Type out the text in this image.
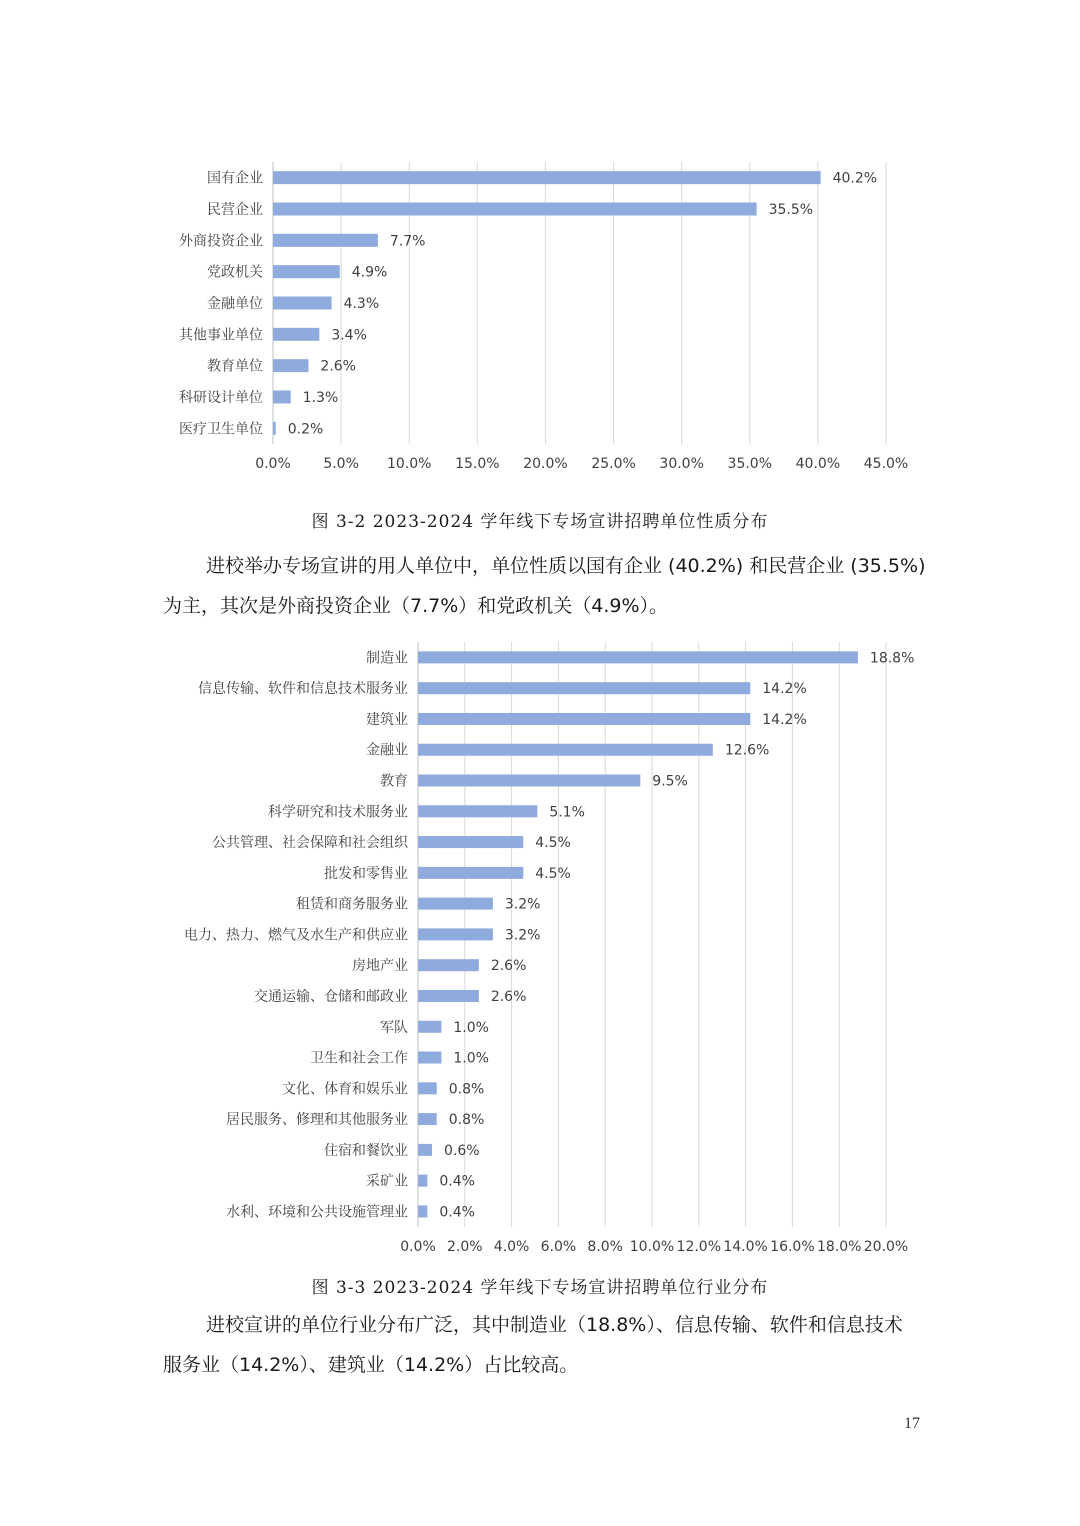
国有企业	40.2%
民营企业	35.5%
外商投资企业	7.7%
党政机关	4.9%
金融单位	4.3%
其他事业单位	3.4%
教育单位	2.6%
科研设计单位	1.3%
医疗卫生单位 0.2%
0.0% 5.0% 10.0% 15.0% 20.0% 25.0% 30.0% 35.0% 40.0% 45.0%
图 3-2 2023-2024 学年线下专场宣讲招聘单位性质分布
进校举办专场宣讲的用人单位中，单位性质以国有企业 (40.2%) 和民营企业 (35.5%)
为主，其次是外商投资企业（7.7%）和党政机关（4.9%）。
制造业	18.8%
信息传输、软件和信息技术服务业	14.2%
建筑业	14.2%
金融业	12.6%
教育	9.5%
科学研究和技术服务业	5.1%
公共管理、社会保障和社会组织	4.5%
批发和零售业	4.5%
租赁和商务服务业	3.2%
电力、热力、燃气及水生产和供应业	3.2%
房地产业	2.6%
交通运输、仓储和邮政业	2.6%
军队	1.0%
卫生和社会工作	1.0%
文化、体育和娱乐业	0.8%
居民服务、修理和其他服务业	0.8%
住宿和餐饮业	0.6%
采矿业 0.4%
水利、环境和公共设施管理业 0.4%
0.0% 2.0% 4.0% 6.0% 8.0% 10.0% 12.0% 14.0% 16.0% 18.0% 20.0%
图 3-3 2023-2024 学年线下专场宣讲招聘单位行业分布
进校宣讲的单位行业分布广泛，其中制造业（18.8%）、信息传输、软件和信息技术
服务业（14.2%）、建筑业（14.2%）占比较高。
17
